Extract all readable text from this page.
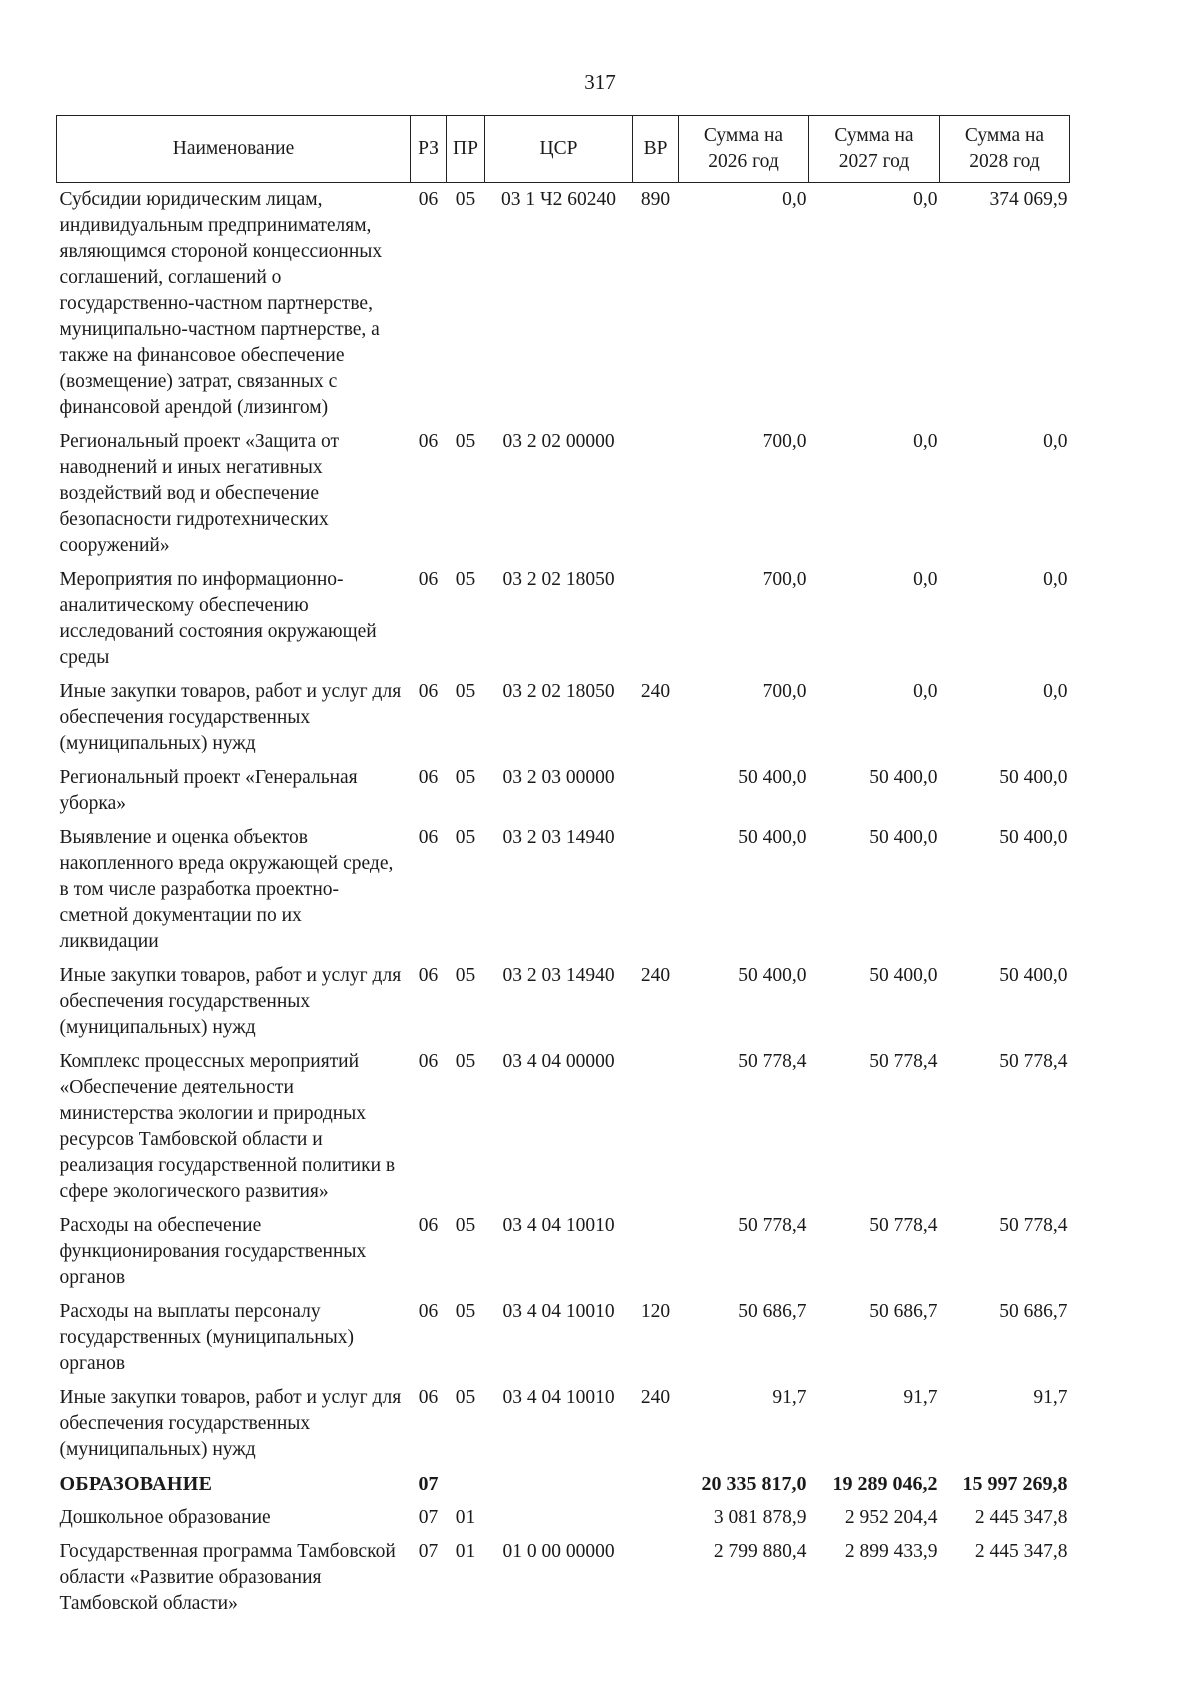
317
Наименование	РЗ	ПР	ЦСР	ВР	Сумма на 2026 год	Сумма на 2027 год	Сумма на 2028 год
Субсидии юридическим лицам, индивидуальным предпринимателям, являющимся стороной концессионных соглашений, соглашений о государственно-частном партнерстве, муниципально-частном партнерстве, а также на финансовое обеспечение (возмещение) затрат, связанных с финансовой арендой (лизингом)	06	05	03 1 Ч2 60240	890	0,0	0,0	374 069,9
Региональный проект «Защита от наводнений и иных негативных воздействий вод и обеспечение безопасности гидротехнических сооружений»	06	05	03 2 02 00000		700,0	0,0	0,0
Мероприятия по информационно-аналитическому обеспечению исследований состояния окружающей среды	06	05	03 2 02 18050		700,0	0,0	0,0
Иные закупки товаров, работ и услуг для обеспечения государственных (муниципальных) нужд	06	05	03 2 02 18050	240	700,0	0,0	0,0
Региональный проект «Генеральная уборка»	06	05	03 2 03 00000		50 400,0	50 400,0	50 400,0
Выявление и оценка объектов накопленного вреда окружающей среде, в том числе разработка проектно-сметной документации по их ликвидации	06	05	03 2 03 14940		50 400,0	50 400,0	50 400,0
Иные закупки товаров, работ и услуг для обеспечения государственных (муниципальных) нужд	06	05	03 2 03 14940	240	50 400,0	50 400,0	50 400,0
Комплекс процессных мероприятий «Обеспечение деятельности министерства экологии и природных ресурсов Тамбовской области и реализация государственной политики в сфере экологического развития»	06	05	03 4 04 00000		50 778,4	50 778,4	50 778,4
Расходы на обеспечение функционирования государственных органов	06	05	03 4 04 10010		50 778,4	50 778,4	50 778,4
Расходы на выплаты персоналу государственных (муниципальных) органов	06	05	03 4 04 10010	120	50 686,7	50 686,7	50 686,7
Иные закупки товаров, работ и услуг для обеспечения государственных (муниципальных) нужд	06	05	03 4 04 10010	240	91,7	91,7	91,7
ОБРАЗОВАНИЕ	07				20 335 817,0	19 289 046,2	15 997 269,8
Дошкольное образование	07	01			3 081 878,9	2 952 204,4	2 445 347,8
Государственная программа Тамбовской области «Развитие образования Тамбовской области»	07	01	01 0 00 00000		2 799 880,4	2 899 433,9	2 445 347,8
